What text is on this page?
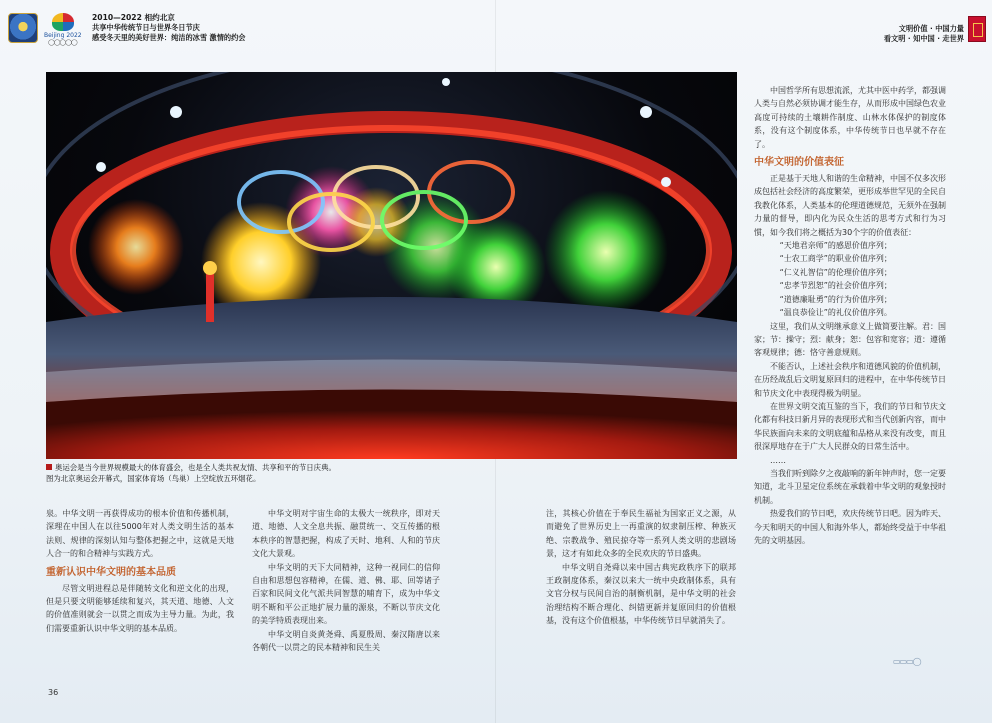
Beijing 2022
◯◯◯◯◯
2010—2022 相约北京
共享中华传统节日与世界冬日节庆
感受冬天里的美好世界：纯洁的冰雪 激情的约会
文明价值 · 中国力量
看文明 · 知中国 · 走世界
奥运会是当今世界规模最大的体育盛会，也是全人类共祝友情、共享和平的节日庆典。
图为北京奥运会开幕式，国家体育场（鸟巢）上空绽放五环烟花。

泉。中华文明一再获得成功的根本价值和传播机制，深理在中国人在以往5000年对人类文明生活的基本法则、规律的深刻认知与整体把握之中，这就是天地人合一的和合精神与实践方式。

重新认识中华文明的基本品质

尽管文明进程总是伴随转文化和逆文化的出现，但是只要文明能够延续和复兴，其天道、地德、人文的价值准则就会一以贯之而成为主导力量。为此，我们需要重新认识中华文明的基本品质。

中华文明对宇宙生命的太极大一统秩序，即对天道、地德、人文全息共振、融贯统一、交互传播的根本秩序的智慧把握，构成了天时、地利、人和的节庆文化大景观。

中华文明的天下大同精神，这种一视同仁的信仰自由和思想包容精神，在儒、道、佛、耶、回等诸子百家和民间文化气派共同智慧的哺育下，成为中华文明不断和平公正地扩展力量的源泉，不断以节庆文化的美学特质表现出来。

中华文明自炎黄尧舜、禹夏殷周、秦汉隋唐以来各朝代一以贯之的民本精神和民生关

注，其核心价值在于奉民生福祉为国家正义之源，从而避免了世界历史上一再重演的奴隶制压榨、种族灭绝、宗教战争、殖民掠夺等一系列人类文明的悲剧场景，这才有如此众多的全民欢庆的节日盛典。

中华文明自尧舜以来中国古典宪政秩序下的联邦王政制度体系，秦汉以来大一统中央政制体系，具有文官分权与民间自治的制衡机制，是中华文明的社会治理结构不断合理化、纠错更新并复原回归的价值根基，没有这个价值根基，中华传统节日早就消失了。

中国哲学所有思想流派，尤其中医中药学，都强调人类与自然必须协调才能生存，从而形成中国绿色农业高度可持续的土壤耕作制度、山林水体保护的制度体系，没有这个制度体系，中华传统节日也早就不存在了。

中华文明的价值表征

正是基于天地人和谐的生命精神，中国不仅多次形成包括社会经济的高度繁荣，更形成举世罕见的全民自我教化体系，人类基本的伦理道德规范，无须外在强制力量的督导，即内化为民众生活的思考方式和行为习惯，如今我们将之概括为30个字的价值表征：

“天地君亲师”的感恩价值序列；

“士农工商学”的职业价值序列；

“仁义礼智信”的伦理价值序列；

“忠孝节烈恕”的社会价值序列；

“道德廉耻勇”的行为价值序列；

“温良恭俭让”的礼仪价值序列。

这里，我们从文明继承意义上做简要注解。君：国家；节：操守；烈：献身；恕：包容和宽容；道：遵循客观规律；德：恪守善意规则。

不能否认，上述社会秩序和道德风貌的价值机制，在历经战乱后文明复原回归的进程中，在中华传统节日和节庆文化中表现得极为明显。

在世界文明交流互鉴的当下，我们的节日和节庆文化都有科技日新月异的表现形式和当代创新内容，而中华民族面向未来的文明底蕴和品格从来没有改变，而且很深厚地存在于广大人民群众的日常生活中。

……

当我们听到除夕之夜敲响的新年钟声时，您一定要知道，北斗卫星定位系统在承载着中华文明的观象授时机制。

热爱我们的节日吧，欢庆传统节日吧。因为昨天、今天和明天的中国人和海外华人，都始终受益于中华祖先的文明基因。

▭▭▭◯
36
